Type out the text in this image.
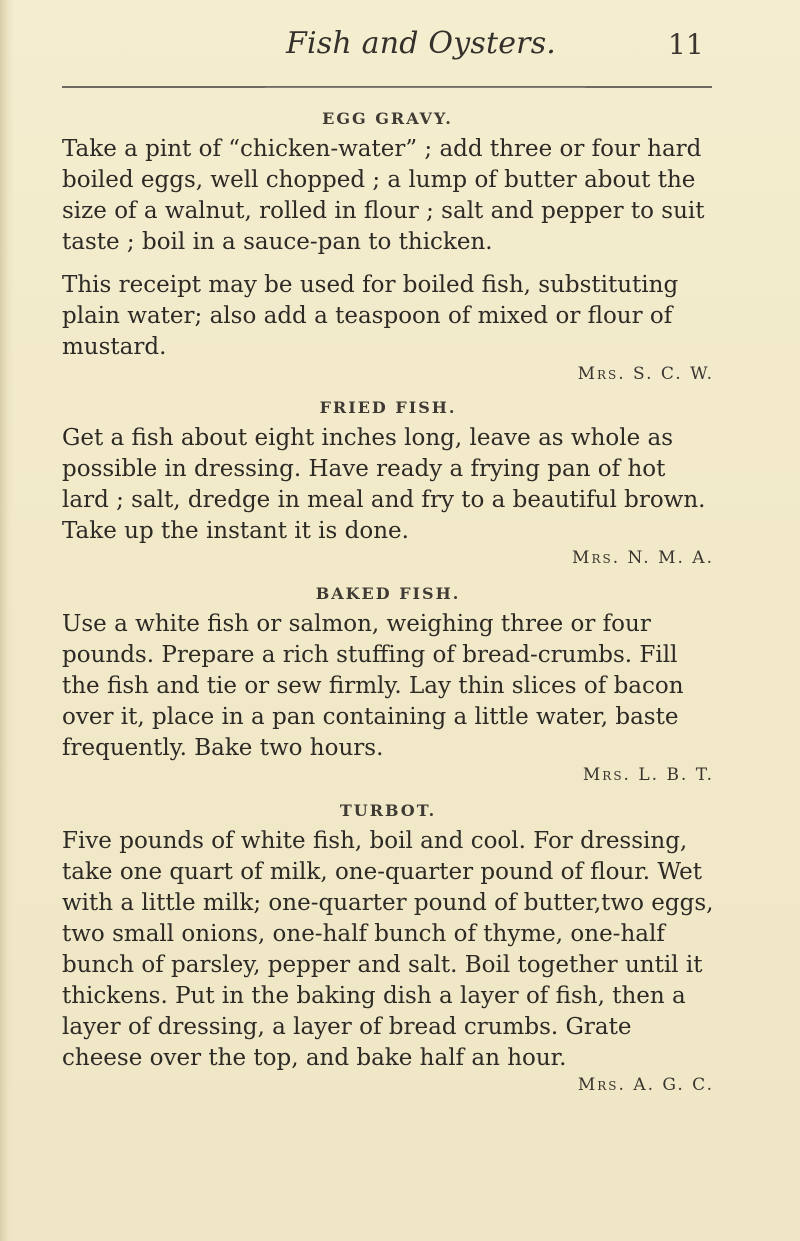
Fish and Oysters.	11
EGG GRAVY.

Take a pint of “chicken-water” ; add three or four hard boiled eggs, well chopped ; a lump of butter about the size of a walnut, rolled in flour ; salt and pepper to suit taste ; boil in a sauce-pan to thicken.

This receipt may be used for boiled fish, substituting plain water; also add a teaspoon of mixed or flour of mustard.

Mrs. S. C. W.
FRIED FISH.

Get a fish about eight inches long, leave as whole as possible in dressing. Have ready a frying pan of hot lard ; salt, dredge in meal and fry to a beautiful brown. Take up the instant it is done.

Mrs. N. M. A.
BAKED FISH.

Use a white fish or salmon, weighing three or four pounds. Prepare a rich stuffing of bread-crumbs. Fill the fish and tie or sew firmly. Lay thin slices of bacon over it, place in a pan containing a little water, baste frequently. Bake two hours.

Mrs. L. B. T.
TURBOT.

Five pounds of white fish, boil and cool. For dressing, take one quart of milk, one-quarter pound of flour. Wet with a little milk; one-quarter pound of butter,two eggs, two small onions, one-half bunch of thyme, one-half bunch of parsley, pepper and salt. Boil together until it thickens. Put in the baking dish a layer of fish, then a layer of dressing, a layer of bread crumbs. Grate cheese over the top, and bake half an hour.

Mrs. A. G. C.
